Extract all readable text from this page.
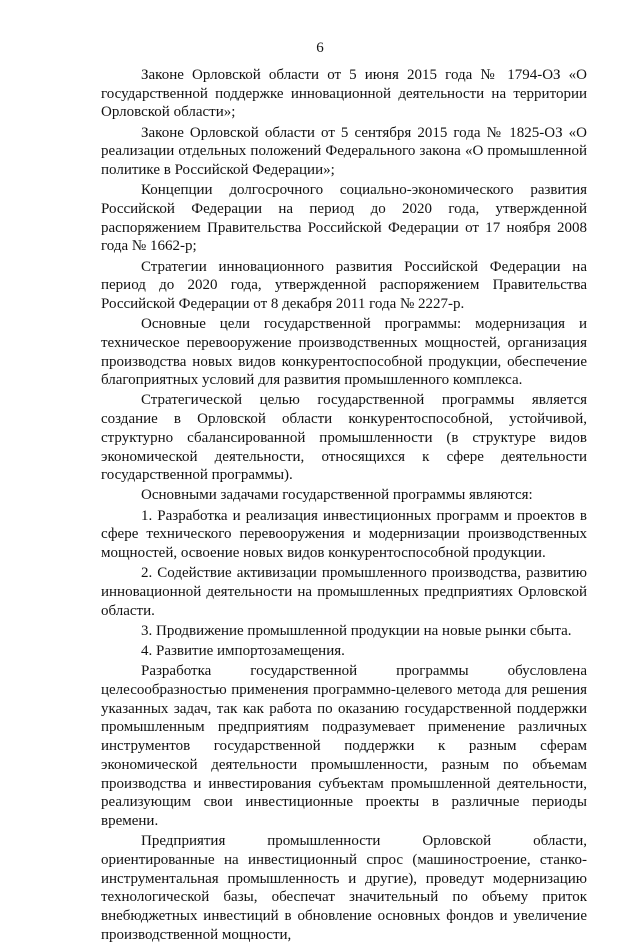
6

Законе Орловской области от 5 июня 2015 года № 1794-ОЗ «О государственной поддержке инновационной деятельности на территории Орловской области»;

Законе Орловской области от 5 сентября 2015 года № 1825-ОЗ «О реализации отдельных положений Федерального закона «О промышленной политике в Российской Федерации»;

Концепции долгосрочного социально-экономического развития Российской Федерации на период до 2020 года, утвержденной распоряжением Правительства Российской Федерации от 17 ноября 2008 года № 1662-р;

Стратегии инновационного развития Российской Федерации на период до 2020 года, утвержденной распоряжением Правительства Российской Федерации от 8 декабря 2011 года № 2227-р.

Основные цели государственной программы: модернизация и техническое перевооружение производственных мощностей, организация производства новых видов конкурентоспособной продукции, обеспечение благоприятных условий для развития промышленного комплекса.

Стратегической целью государственной программы является создание в Орловской области конкурентоспособной, устойчивой, структурно сбалансированной промышленности (в структуре видов экономической деятельности, относящихся к сфере деятельности государственной программы).

Основными задачами государственной программы являются:

1. Разработка и реализация инвестиционных программ и проектов в сфере технического перевооружения и модернизации производственных мощностей, освоение новых видов конкурентоспособной продукции.

2. Содействие активизации промышленного производства, развитию инновационной деятельности на промышленных предприятиях Орловской области.

3. Продвижение промышленной продукции на новые рынки сбыта.

4. Развитие импортозамещения.

Разработка государственной программы обусловлена целесообразностью применения программно-целевого метода для решения указанных задач, так как работа по оказанию государственной поддержки промышленным предприятиям подразумевает применение различных инструментов государственной поддержки к разным сферам экономической деятельности промышленности, разным по объемам производства и инвестирования субъектам промышленной деятельности, реализующим свои инвестиционные проекты в различные периоды времени.

Предприятия промышленности Орловской области, ориентированные на инвестиционный спрос (машиностроение, станко-инструментальная промышленность и другие), проведут модернизацию технологической базы, обеспечат значительный по объему приток внебюджетных инвестиций в обновление основных фондов и увеличение производственной мощности,
